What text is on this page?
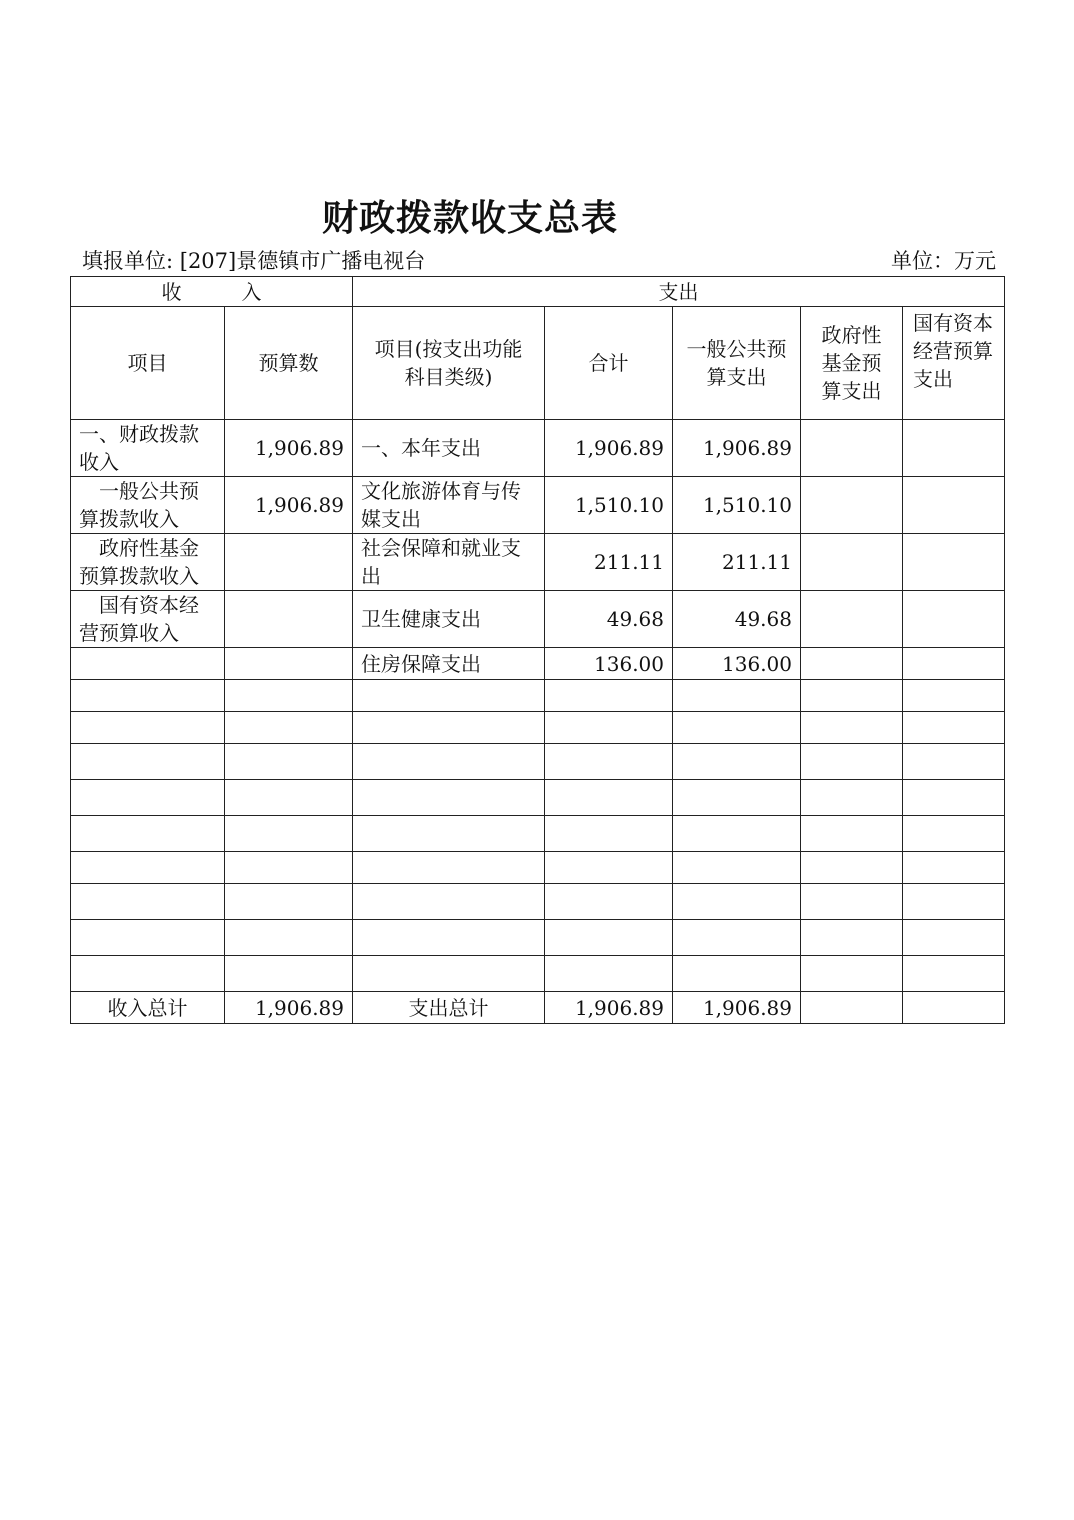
财政拨款收支总表
填报单位: [207]景德镇市广播电视台	单位：万元
收　　　入		支出				
项目	预算数	项目(按支出功能科目类级)	合计	一般公共预算支出	政府性基金预算支出	国有资本经营预算支出
一、财政拨款收入	1,906.89	一、本年支出	1,906.89	1,906.89		
一般公共预算拨款收入	1,906.89	文化旅游体育与传媒支出	1,510.10	1,510.10		
政府性基金预算拨款收入		社会保障和就业支出	211.11	211.11		
国有资本经营预算收入		卫生健康支出	49.68	49.68		
		住房保障支出	136.00	136.00		

收入总计	1,906.89	支出总计	1,906.89	1,906.89		
